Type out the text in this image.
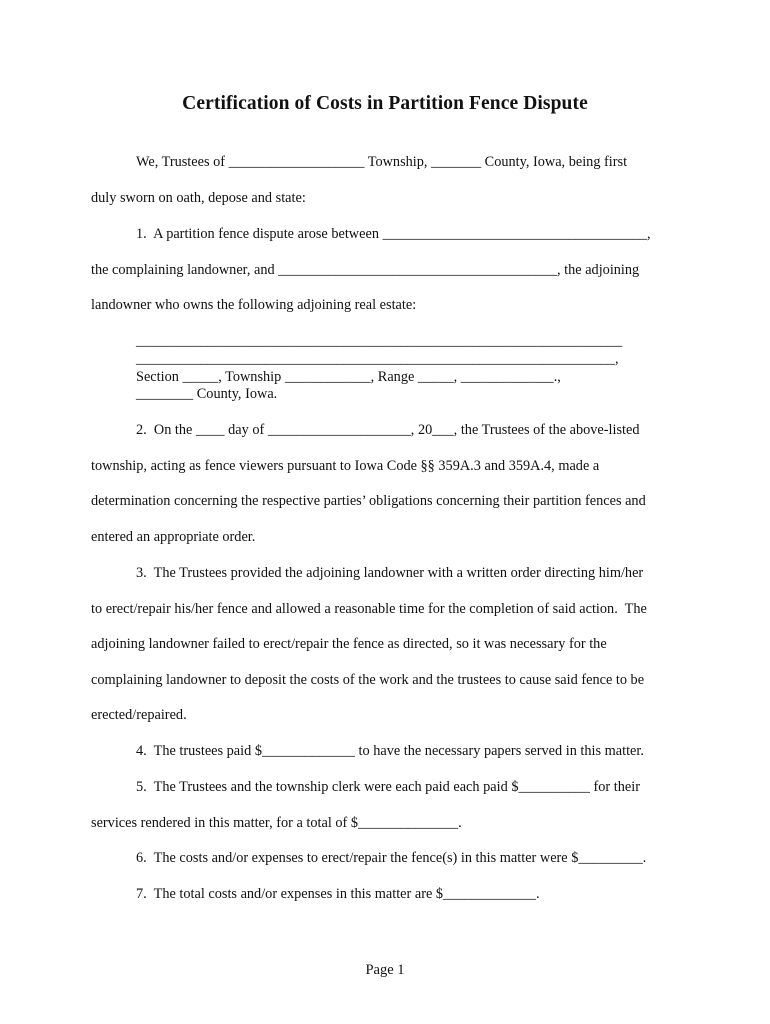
Certification of Costs in Partition Fence Dispute
We, Trustees of ___________________ Township, _______ County, Iowa, being first
duly sworn on oath, depose and state:
1.  A partition fence dispute arose between _____________________________________,
the complaining landowner, and _______________________________________, the adjoining
landowner who owns the following adjoining real estate:
____________________________________________________________________
___________________________________________________________________,
Section _____, Township ____________, Range _____, _____________.,
________ County, Iowa.
2.  On the ____ day of ____________________, 20___, the Trustees of the above-listed
township, acting as fence viewers pursuant to Iowa Code §§ 359A.3 and 359A.4, made a
determination concerning the respective parties’ obligations concerning their partition fences and
entered an appropriate order.
3.  The Trustees provided the adjoining landowner with a written order directing him/her
to erect/repair his/her fence and allowed a reasonable time for the completion of said action.  The
adjoining landowner failed to erect/repair the fence as directed, so it was necessary for the
complaining landowner to deposit the costs of the work and the trustees to cause said fence to be
erected/repaired.
4.  The trustees paid $_____________ to have the necessary papers served in this matter.
5.  The Trustees and the township clerk were each paid each paid $__________ for their
services rendered in this matter, for a total of $______________.
6.  The costs and/or expenses to erect/repair the fence(s) in this matter were $_________.
7.  The total costs and/or expenses in this matter are $_____________.
Page 1
